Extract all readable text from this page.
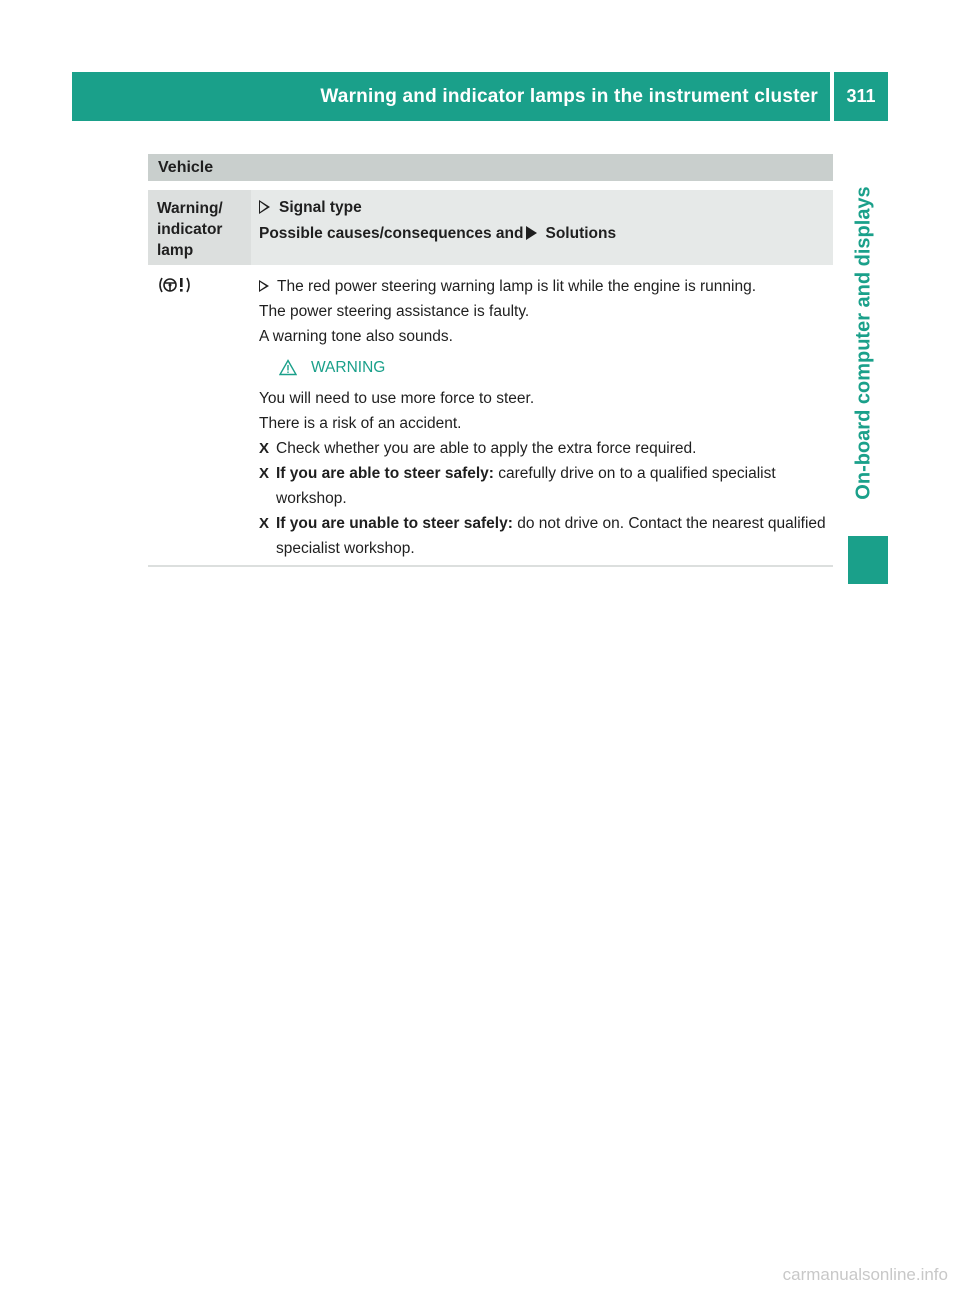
Warning and indicator lamps in the instrument cluster	311
On-board computer and displays
Vehicle
Warning/
indicator
lamp
Signal type
Possible causes/consequences and Solutions
The red power steering warning lamp is lit while the engine is running.
The power steering assistance is faulty.
A warning tone also sounds.
WARNING
You will need to use more force to steer.
There is a risk of an accident.
X Check whether you are able to apply the extra force required.
X If you are able to steer safely: carefully drive on to a qualified specialist workshop.
X If you are unable to steer safely: do not drive on. Contact the nearest qualified specialist workshop.
carmanualsonline.info
